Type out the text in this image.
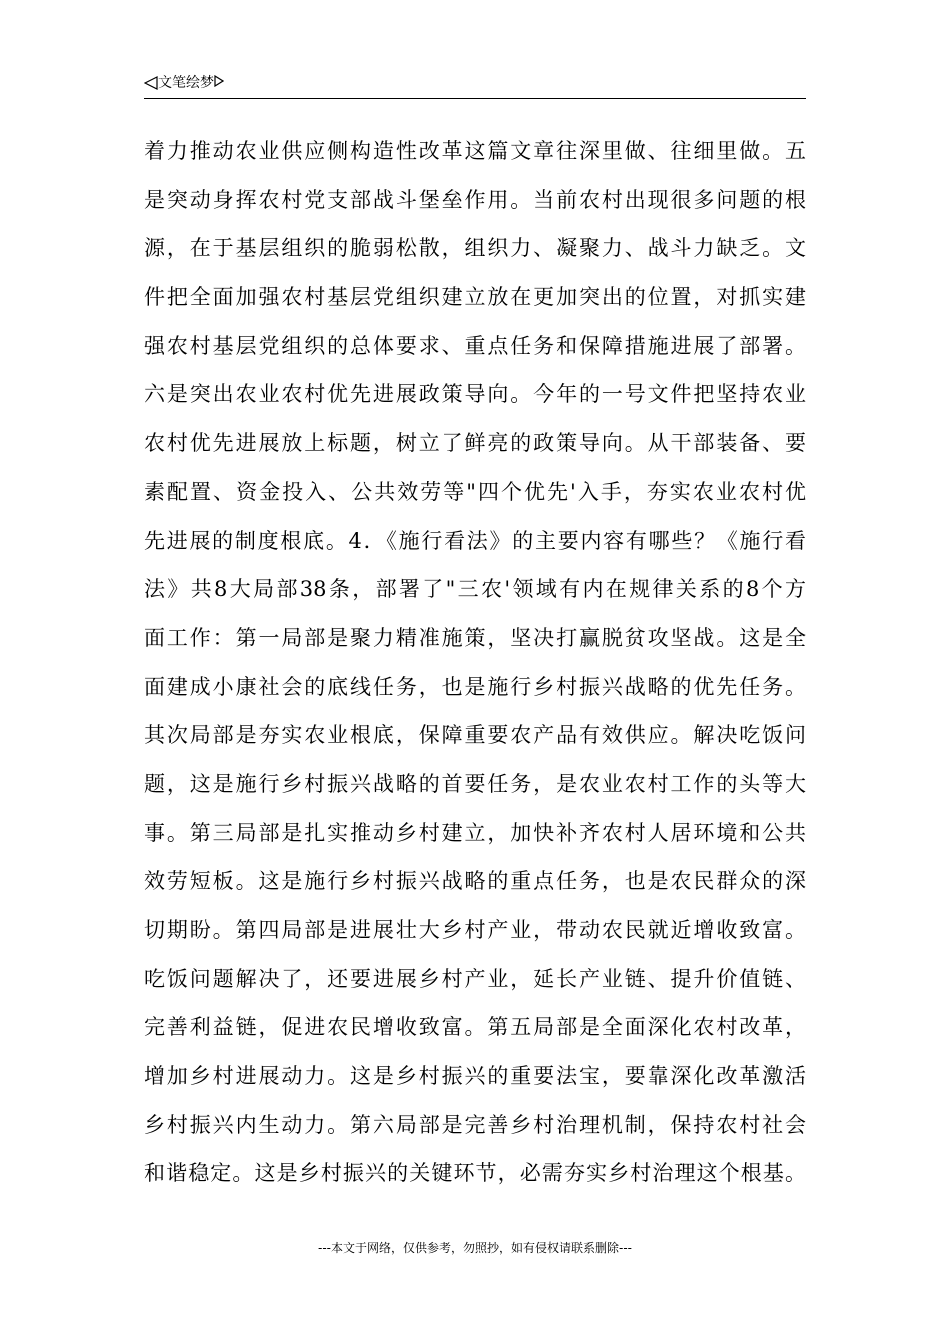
文笔绘梦
着力推动农业供应侧构造性改革这篇文章往深里做、往细里做。五
是突动身挥农村党支部战斗堡垒作用。当前农村出现很多问题的根
源，在于基层组织的脆弱松散，组织力、凝聚力、战斗力缺乏。文
件把全面加强农村基层党组织建立放在更加突出的位置，对抓实建
强农村基层党组织的总体要求、重点任务和保障措施进展了部署。
六是突出农业农村优先进展政策导向。今年的一号文件把坚持农业
农村优先进展放上标题，树立了鲜亮的政策导向。从干部装备、要
素配置、资金投入、公共效劳等"四个优先'入手，夯实农业农村优
先进展的制度根底。4．《施行看法》的主要内容有哪些？《施行看
法》共8大局部38条，部署了"三农'领域有内在规律关系的8个方
面工作：第一局部是聚力精准施策，坚决打赢脱贫攻坚战。这是全
面建成小康社会的底线任务，也是施行乡村振兴战略的优先任务。
其次局部是夯实农业根底，保障重要农产品有效供应。解决吃饭问
题，这是施行乡村振兴战略的首要任务，是农业农村工作的头等大
事。第三局部是扎实推动乡村建立，加快补齐农村人居环境和公共
效劳短板。这是施行乡村振兴战略的重点任务，也是农民群众的深
切期盼。第四局部是进展壮大乡村产业，带动农民就近增收致富。
吃饭问题解决了，还要进展乡村产业，延长产业链、提升价值链、
完善利益链，促进农民增收致富。第五局部是全面深化农村改革，
增加乡村进展动力。这是乡村振兴的重要法宝，要靠深化改革激活
乡村振兴内生动力。第六局部是完善乡村治理机制，保持农村社会
和谐稳定。这是乡村振兴的关键环节，必需夯实乡村治理这个根基。
---本文于网络，仅供参考，勿照抄，如有侵权请联系删除---
